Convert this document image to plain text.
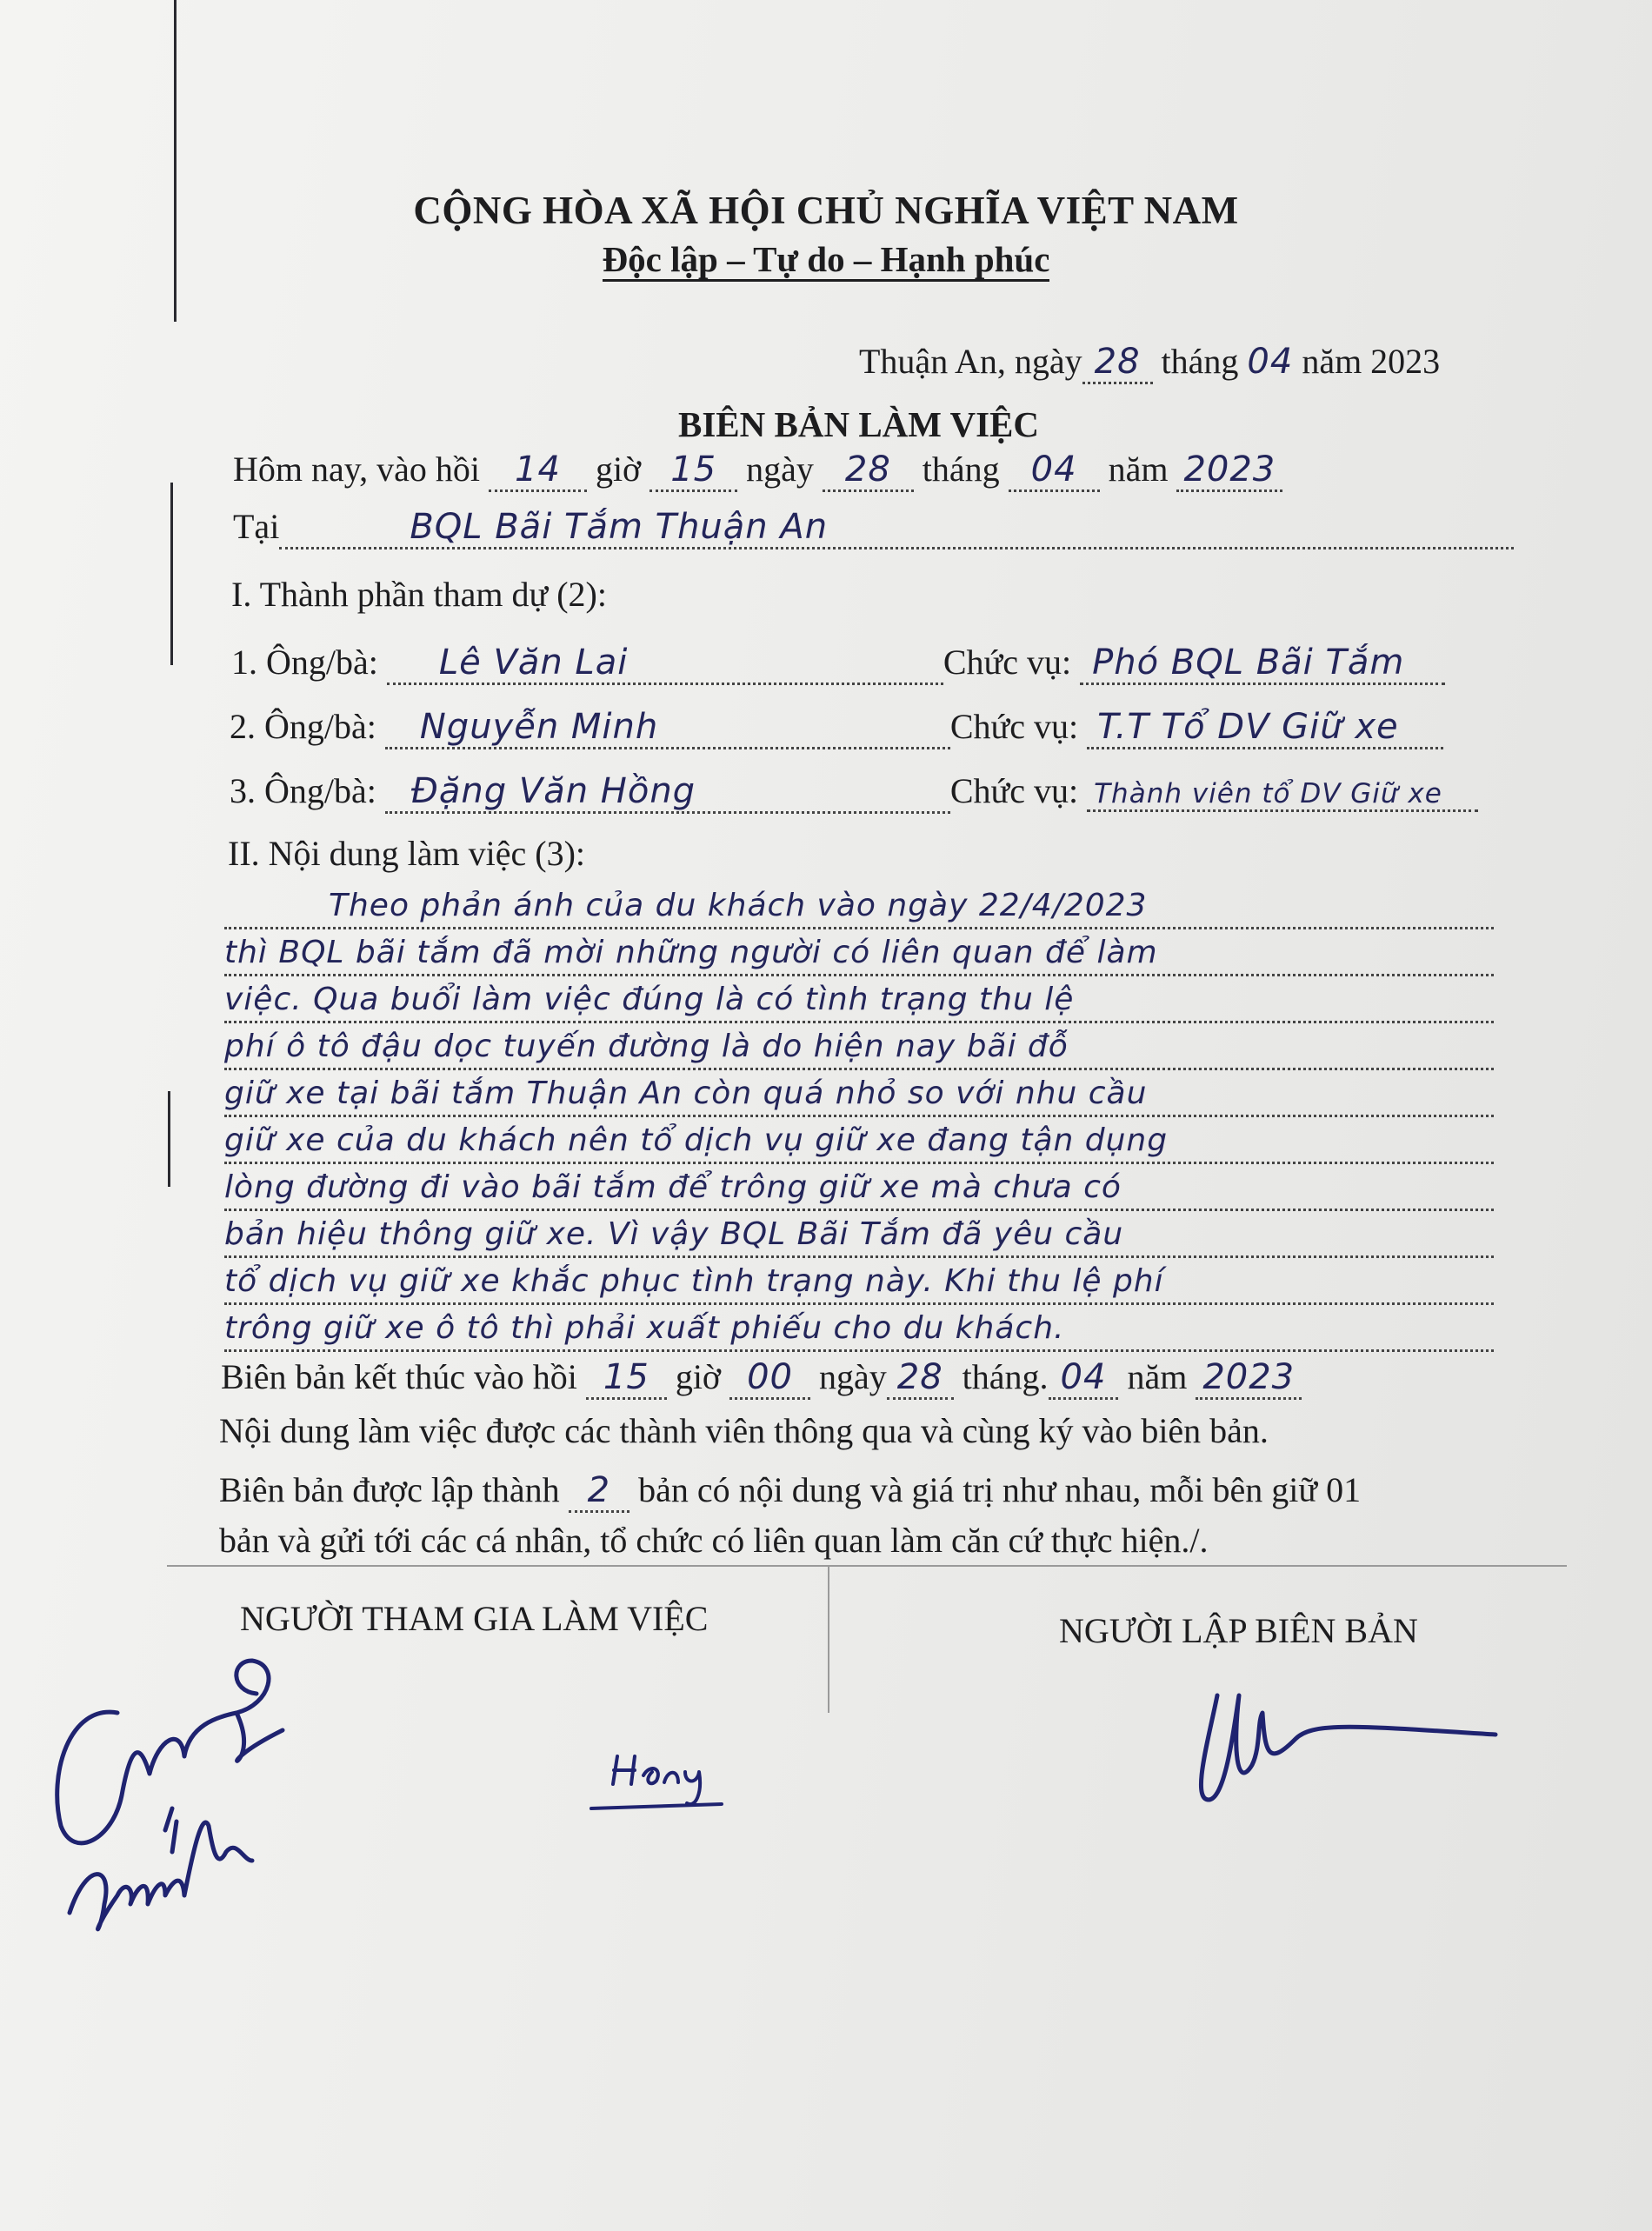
CỘNG HÒA XÃ HỘI CHỦ NGHĨA VIỆT NAM
Độc lập – Tự do – Hạnh phúc
Thuận An, ngày 28 tháng 04 năm 2023
BIÊN BẢN LÀM VIỆC
Hôm nay, vào hồi 14 giờ 15 ngày 28 tháng 04 năm 2023
Tại	BQL Bãi Tắm Thuận An
I. Thành phần tham dự (2):
1. Ông/bà: Lê Văn Lai	Chức vụ: Phó BQL Bãi Tắm
2. Ông/bà: Nguyễn Minh	Chức vụ: T.T Tổ DV Giữ xe
3. Ông/bà: Đặng Văn Hồng	Chức vụ: Thành viên tổ DV Giữ xe
II. Nội dung làm việc (3):
Theo phản ánh của du khách vào ngày 22/4/2023
thì BQL bãi tắm đã mời những người có liên quan để làm
việc. Qua buổi làm việc đúng là có tình trạng thu lệ
phí ô tô đậu dọc tuyến đường là do hiện nay bãi đỗ
giữ xe tại bãi tắm Thuận An còn quá nhỏ so với nhu cầu
giữ xe của du khách nên tổ dịch vụ giữ xe đang tận dụng
lòng đường đi vào bãi tắm để trông giữ xe mà chưa có
bản hiệu thông giữ xe. Vì vậy BQL Bãi Tắm đã yêu cầu
tổ dịch vụ giữ xe khắc phục tình trạng này. Khi thu lệ phí
trông giữ xe ô tô thì phải xuất phiếu cho du khách.
Biên bản kết thúc vào hồi 15 giờ 00 ngày 28 tháng. 04 năm 2023
Nội dung làm việc được các thành viên thông qua và cùng ký vào biên bản.
Biên bản được lập thành 2 bản có nội dung và giá trị như nhau, mỗi bên giữ 01
bản và gửi tới các cá nhân, tổ chức có liên quan làm căn cứ thực hiện./.
NGƯỜI THAM GIA LÀM VIỆC	NGƯỜI LẬP BIÊN BẢN
